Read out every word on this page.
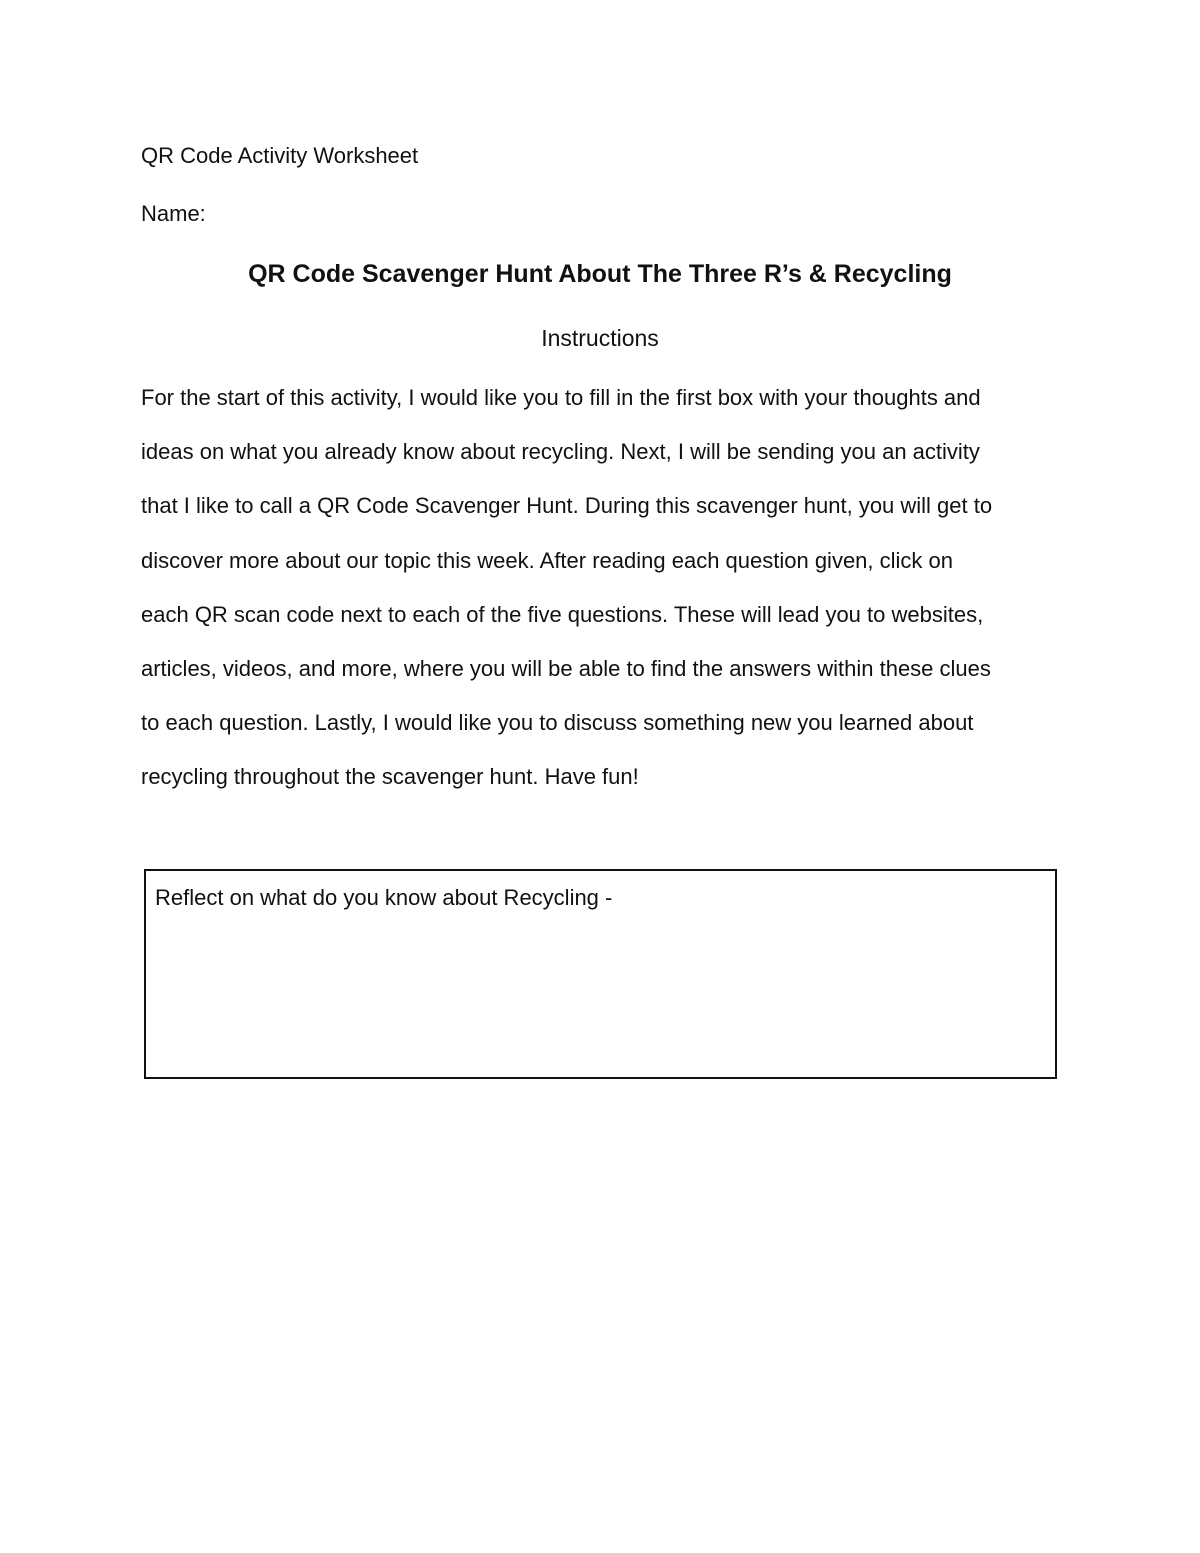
QR Code Activity Worksheet
Name:
QR Code Scavenger Hunt About The Three R’s & Recycling
Instructions
For the start of this activity, I would like you to fill in the first box with your thoughts and
ideas on what you already know about recycling. Next, I will be sending you an activity
that I like to call a QR Code Scavenger Hunt. During this scavenger hunt, you will get to
discover more about our topic this week. After reading each question given, click on
each QR scan code next to each of the five questions. These will lead you to websites,
articles, videos, and more, where you will be able to find the answers within these clues
to each question. Lastly, I would like you to discuss something new you learned about
recycling throughout the scavenger hunt. Have fun!
Reflect on what do you know about Recycling -
